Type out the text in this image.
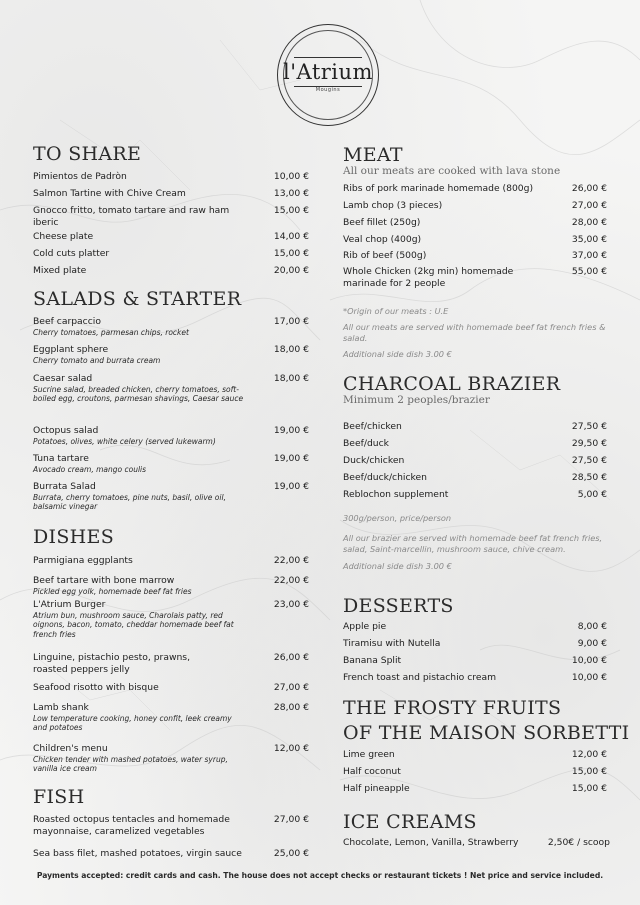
l'Atrium
Mougins
TO SHARE
Pimientos de Padròn	10,00 €
Salmon Tartine with Chive Cream	13,00 €
Gnocco fritto, tomato tartare and raw ham iberic
15,00 €
Cheese plate	14,00 €
Cold cuts platter	15,00 €
Mixed plate	20,00 €
SALADS & STARTER
Beef carpaccio
Cherry tomatoes, parmesan chips, rocket
17,00 €
Eggplant sphere
Cherry tomato and burrata cream
18,00 €
Caesar salad
Sucrine salad, breaded chicken, cherry tomatoes, soft-boiled egg, croutons, parmesan shavings, Caesar sauce
18,00 €
Octopus salad
Potatoes, olives, white celery (served lukewarm)
19,00 €
Tuna tartare
Avocado cream, mango coulis
19,00 €
Burrata Salad
Burrata, cherry tomatoes, pine nuts, basil, olive oil, balsamic vinegar
19,00 €
DISHES
Parmigiana eggplants	22,00 €
Beef tartare with bone marrow
Pickled egg yolk, homemade beef fat fries
22,00 €
L'Atrium Burger
Atrium bun, mushroom sauce, Charolais patty, red oignons, bacon, tomato, cheddar homemade beef fat french fries
23,00 €
Linguine, pistachio pesto, prawns, roasted peppers jelly
26,00 €
Seafood risotto with bisque	27,00 €
Lamb shank
Low temperature cooking, honey confit, leek creamy and potatoes
28,00 €
Children's menu
Chicken tender with mashed potatoes, water syrup, vanilla ice cream
12,00 €
FISH
Roasted octopus tentacles and homemade mayonnaise, caramelized vegetables
27,00 €
Sea bass filet, mashed potatoes, virgin sauce	25,00 €
MEAT
All our meats are cooked with lava stone
Ribs of pork marinade homemade (800g)	26,00 €
Lamb chop (3 pieces)	27,00 €
Beef fillet (250g)	28,00 €
Veal chop (400g)	35,00 €
Rib of beef (500g)	37,00 €
Whole Chicken (2kg min) homemade marinade for 2 people
55,00 €
*Origin of our meats : U.E
All our meats are served with homemade beef fat french fries & salad.
Additional side dish 3.00 €
CHARCOAL BRAZIER
Minimum 2 peoples/brazier
Beef/chicken	27,50 €
Beef/duck	29,50 €
Duck/chicken	27,50 €
Beef/duck/chicken	28,50 €
Reblochon supplement	5,00 €
300g/person, price/person
All our brazier are served with homemade beef fat french fries, salad, Saint-marcellin, mushroom sauce, chive cream.
Additional side dish 3.00 €
DESSERTS
Apple pie	8,00 €
Tiramisu with Nutella	9,00 €
Banana Split	10,00 €
French toast and pistachio cream	10,00 €
THE FROSTY FRUITS
OF THE MAISON SORBETTI
Lime green	12,00 €
Half coconut	15,00 €
Half pineapple	15,00 €
ICE CREAMS
Chocolate, Lemon, Vanilla, Strawberry	2,50€ / scoop
Payments accepted: credit cards and cash. The house does not accept checks or restaurant tickets ! Net price and service included.
